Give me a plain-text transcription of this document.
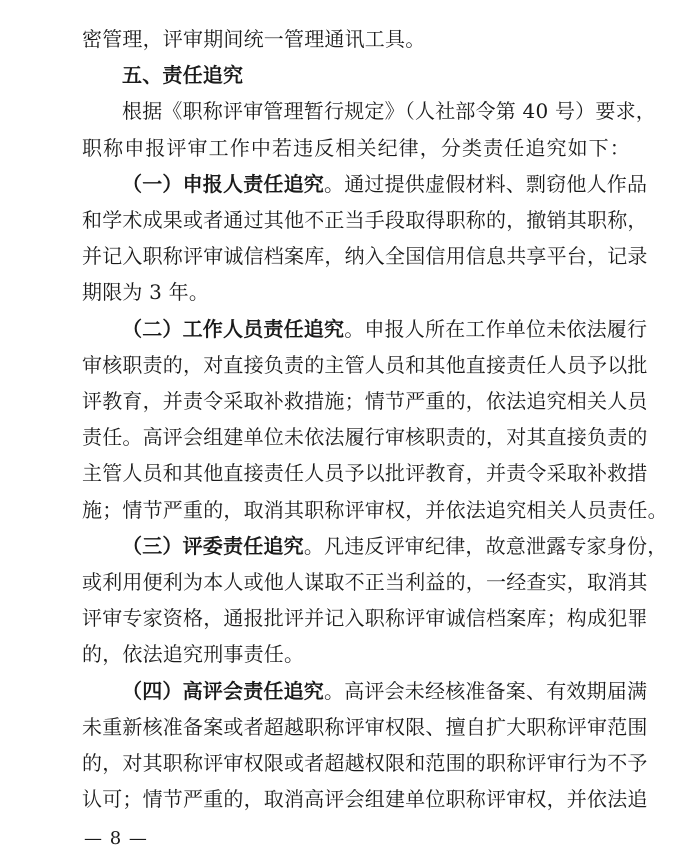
密管理，评审期间统一管理通讯工具。
五、责任追究
根据《职称评审管理暂行规定》（人社部令第 40 号）要求，
职称申报评审工作中若违反相关纪律，分类责任追究如下：
（一）申报人责任追究。通过提供虚假材料、剽窃他人作品
和学术成果或者通过其他不正当手段取得职称的，撤销其职称，
并记入职称评审诚信档案库，纳入全国信用信息共享平台，记录
期限为 3 年。
（二）工作人员责任追究。申报人所在工作单位未依法履行
审核职责的，对直接负责的主管人员和其他直接责任人员予以批
评教育，并责令采取补救措施；情节严重的，依法追究相关人员
责任。高评会组建单位未依法履行审核职责的，对其直接负责的
主管人员和其他直接责任人员予以批评教育，并责令采取补救措
施；情节严重的，取消其职称评审权，并依法追究相关人员责任。
（三）评委责任追究。凡违反评审纪律，故意泄露专家身份，
或利用便利为本人或他人谋取不正当利益的，一经查实，取消其
评审专家资格，通报批评并记入职称评审诚信档案库；构成犯罪
的，依法追究刑事责任。
（四）高评会责任追究。高评会未经核准备案、有效期届满
未重新核准备案或者超越职称评审权限、擅自扩大职称评审范围
— 8 —
的，对其职称评审权限或者超越权限和范围的职称评审行为不予
认可；情节严重的，取消高评会组建单位职称评审权，并依法追
